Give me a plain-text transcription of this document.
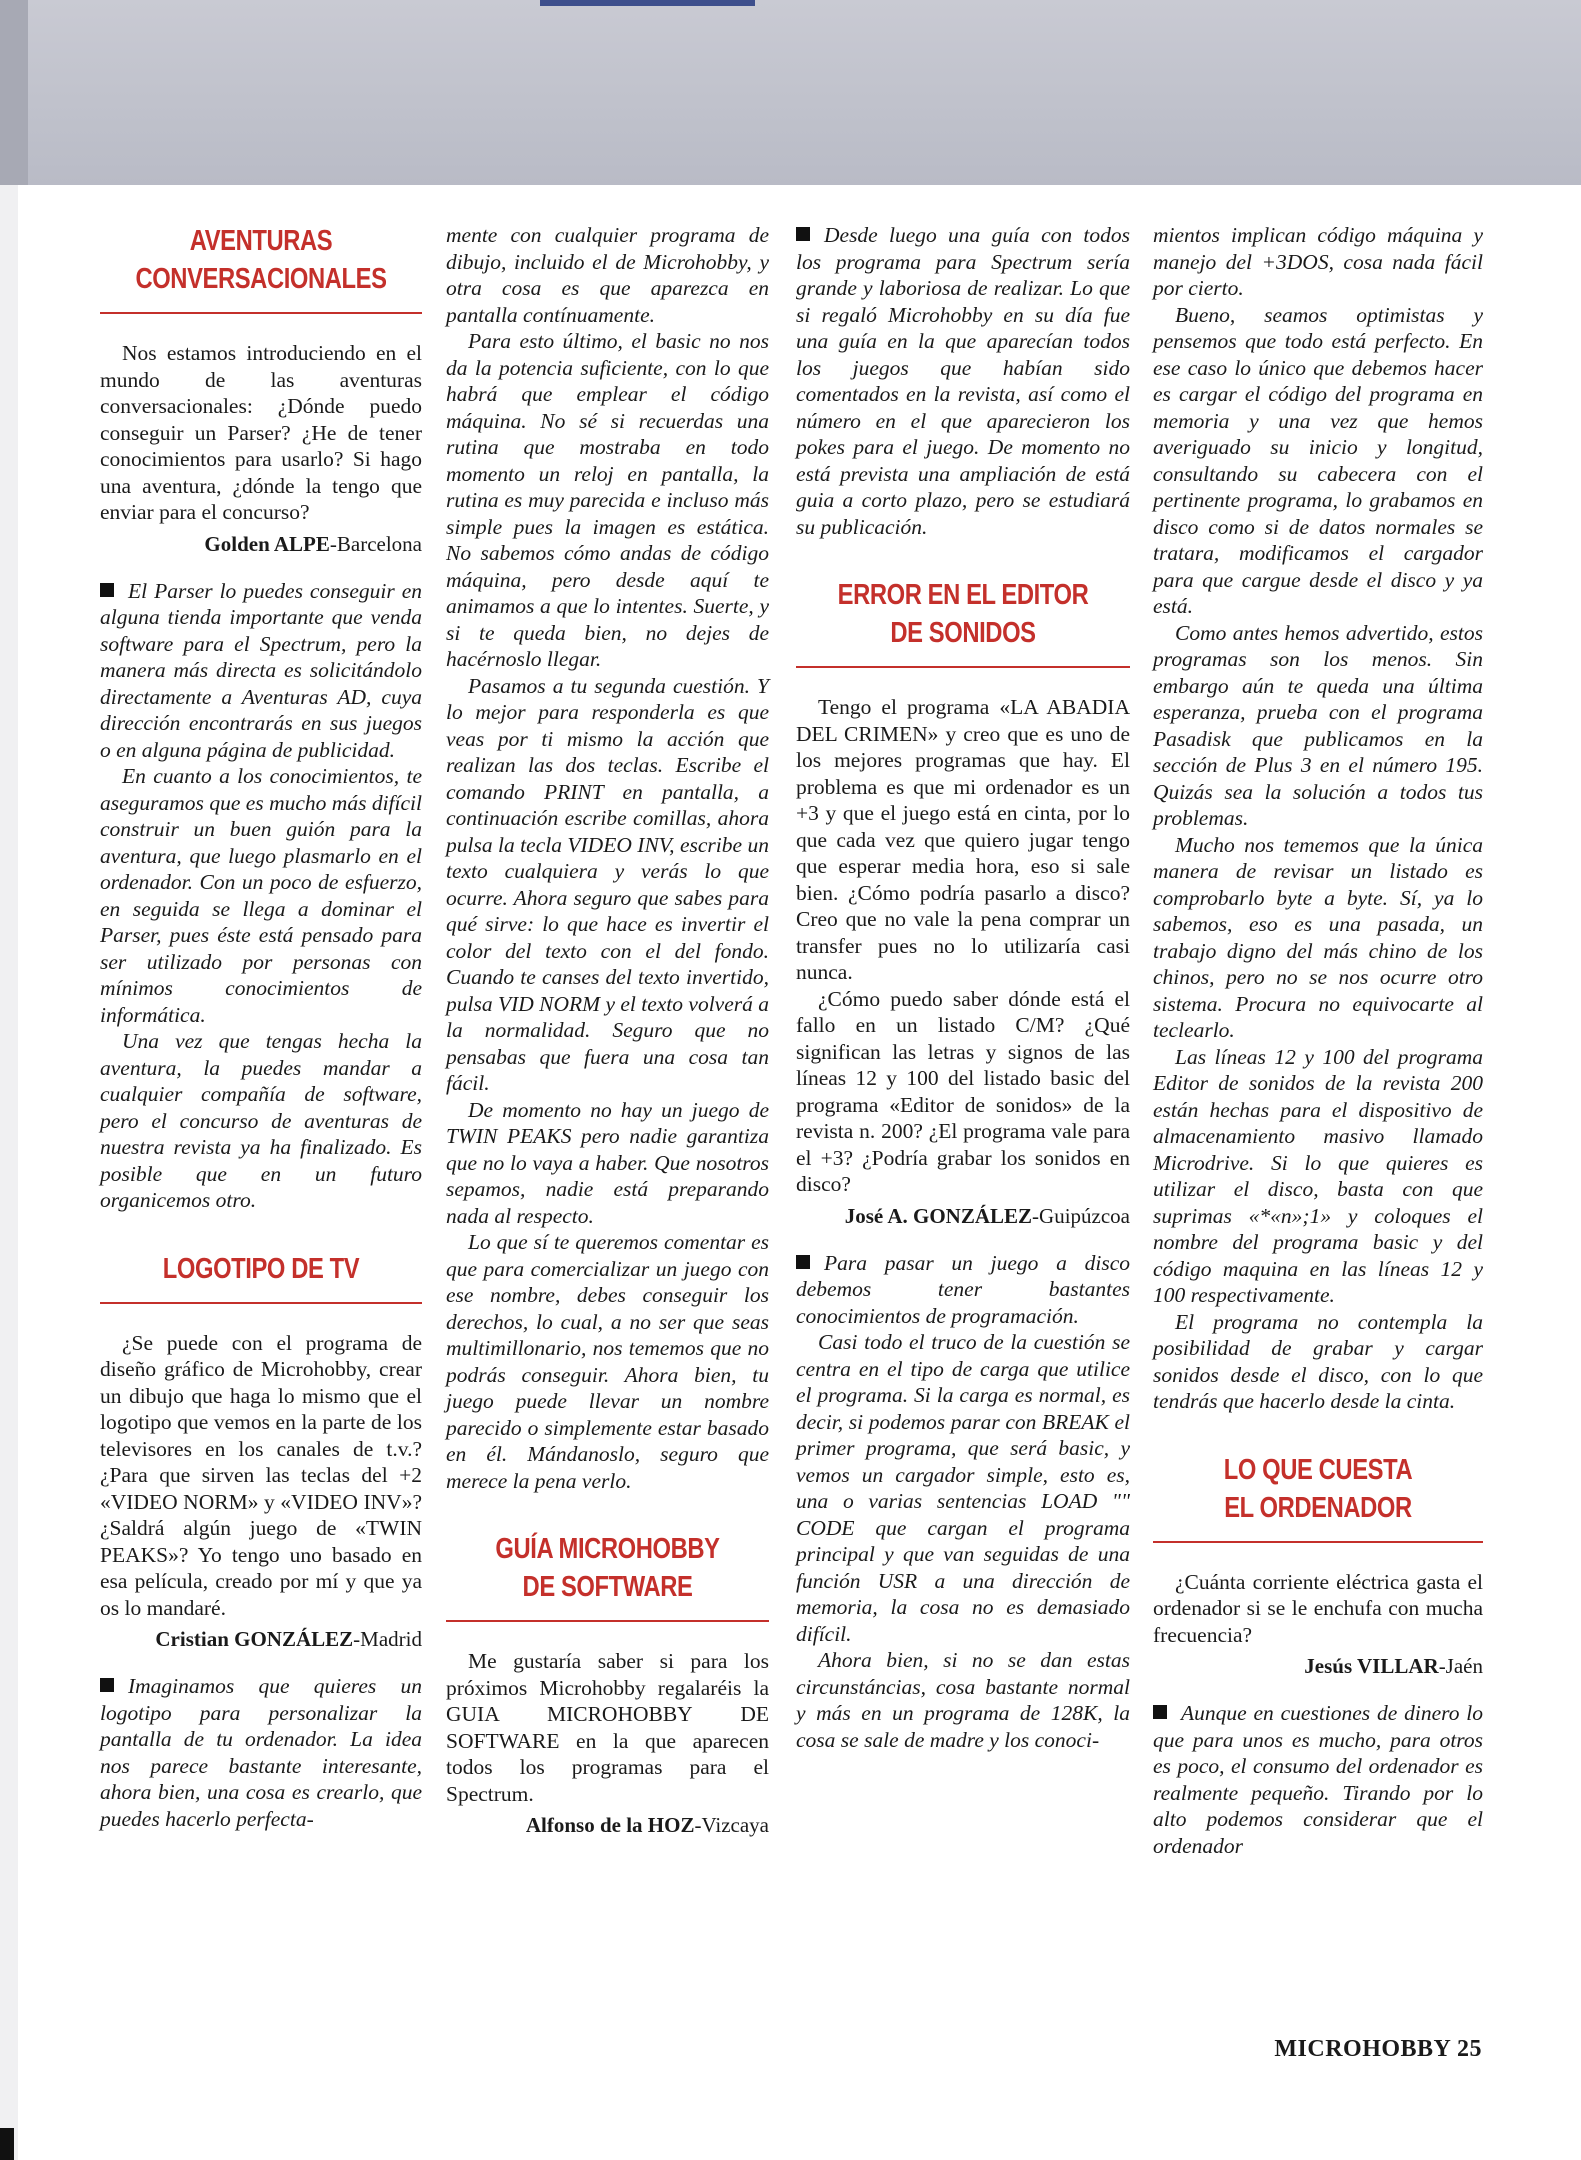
AVENTURAS
CONVERSACIONALES

Nos estamos introduciendo en el mundo de las aventuras conversacionales: ¿Dónde puedo conseguir un Parser? ¿He de tener conocimientos para usarlo? Si hago una aventura, ¿dónde la tengo que enviar para el concurso?

Golden ALPE-Barcelona

El Parser lo puedes conseguir en alguna tienda importante que venda software para el Spectrum, pero la manera más directa es solicitándolo directamente a Aventuras AD, cuya dirección encontrarás en sus juegos o en alguna página de publicidad.

En cuanto a los conocimientos, te aseguramos que es mucho más difícil construir un buen guión para la aventura, que luego plasmarlo en el ordenador. Con un poco de esfuerzo, en seguida se llega a dominar el Parser, pues éste está pensado para ser utilizado por personas con mínimos conocimientos de informática.

Una vez que tengas hecha la aventura, la puedes mandar a cualquier compañía de software, pero el concurso de aventuras de nuestra revista ya ha finalizado. Es posible que en un futuro organicemos otro.

LOGOTIPO DE TV

¿Se puede con el programa de diseño gráfico de Microhobby, crear un dibujo que haga lo mismo que el logotipo que vemos en la parte de los televisores en los canales de t.v.? ¿Para que sirven las teclas del +2 «VIDEO NORM» y «VIDEO INV»? ¿Saldrá algún juego de «TWIN PEAKS»? Yo tengo uno basado en esa película, creado por mí y que ya os lo mandaré.

Cristian GONZÁLEZ-Madrid

Imaginamos que quieres un logotipo para personalizar la pantalla de tu ordenador. La idea nos parece bastante interesante, ahora bien, una cosa es crearlo, que puedes hacerlo perfecta-

mente con cualquier programa de dibujo, incluido el de Microhobby, y otra cosa es que aparezca en pantalla contínuamente.

Para esto último, el basic no nos da la potencia suficiente, con lo que habrá que emplear el código máquina. No sé si recuerdas una rutina que mostraba en todo momento un reloj en pantalla, la rutina es muy parecida e incluso más simple pues la imagen es estática. No sabemos cómo andas de código máquina, pero desde aquí te animamos a que lo intentes. Suerte, y si te queda bien, no dejes de hacérnoslo llegar.

Pasamos a tu segunda cuestión. Y lo mejor para responderla es que veas por ti mismo la acción que realizan las dos teclas. Escribe el comando PRINT en pantalla, a continuación escribe comillas, ahora pulsa la tecla VIDEO INV, escribe un texto cualquiera y verás lo que ocurre. Ahora seguro que sabes para qué sirve: lo que hace es invertir el color del texto con el del fondo. Cuando te canses del texto invertido, pulsa VID NORM y el texto volverá a la normalidad. Seguro que no pensabas que fuera una cosa tan fácil.

De momento no hay un juego de TWIN PEAKS pero nadie garantiza que no lo vaya a haber. Que nosotros sepamos, nadie está preparando nada al respecto.

Lo que sí te queremos comentar es que para comercializar un juego con ese nombre, debes conseguir los derechos, lo cual, a no ser que seas multimillonario, nos tememos que no podrás conseguir. Ahora bien, tu juego puede llevar un nombre parecido o simplemente estar basado en él. Mándanoslo, seguro que merece la pena verlo.

GUÍA MICROHOBBY
DE SOFTWARE

Me gustaría saber si para los próximos Microhobby regalaréis la GUIA MICROHOBBY DE SOFTWARE en la que aparecen todos los programas para el Spectrum.

Alfonso de la HOZ-Vizcaya

Desde luego una guía con todos los programa para Spectrum sería grande y laboriosa de realizar. Lo que si regaló Microhobby en su día fue una guía en la que aparecían todos los juegos que habían sido comentados en la revista, así como el número en el que aparecieron los pokes para el juego. De momento no está prevista una ampliación de está guia a corto plazo, pero se estudiará su publicación.

ERROR EN EL EDITOR
DE SONIDOS

Tengo el programa «LA ABADIA DEL CRIMEN» y creo que es uno de los mejores programas que hay. El problema es que mi ordenador es un +3 y que el juego está en cinta, por lo que cada vez que quiero jugar tengo que esperar media hora, eso si sale bien. ¿Cómo podría pasarlo a disco? Creo que no vale la pena comprar un transfer pues no lo utilizaría casi nunca.

¿Cómo puedo saber dónde está el fallo en un listado C/M? ¿Qué significan las letras y signos de las líneas 12 y 100 del listado basic del programa «Editor de sonidos» de la revista n. 200? ¿El programa vale para el +3? ¿Podría grabar los sonidos en disco?

José A. GONZÁLEZ-Guipúzcoa

Para pasar un juego a disco debemos tener bastantes conocimientos de programación.

Casi todo el truco de la cuestión se centra en el tipo de carga que utilice el programa. Si la carga es normal, es decir, si podemos parar con BREAK el primer programa, que será basic, y vemos un cargador simple, esto es, una o varias sentencias LOAD "" CODE que cargan el programa principal y que van seguidas de una función USR a una dirección de memoria, la cosa no es demasiado difícil.

Ahora bien, si no se dan estas circunstáncias, cosa bastante normal y más en un programa de 128K, la cosa se sale de madre y los conoci-

mientos implican código máquina y manejo del +3DOS, cosa nada fácil por cierto.

Bueno, seamos optimistas y pensemos que todo está perfecto. En ese caso lo único que debemos hacer es cargar el código del programa en memoria y una vez que hemos averiguado su inicio y longitud, consultando su cabecera con el pertinente programa, lo grabamos en disco como si de datos normales se tratara, modificamos el cargador para que cargue desde el disco y ya está.

Como antes hemos advertido, estos programas son los menos. Sin embargo aún te queda una última esperanza, prueba con el programa Pasadisk que publicamos en la sección de Plus 3 en el número 195. Quizás sea la solución a todos tus problemas.

Mucho nos tememos que la única manera de revisar un listado es comprobarlo byte a byte. Sí, ya lo sabemos, eso es una pasada, un trabajo digno del más chino de los chinos, pero no se nos ocurre otro sistema. Procura no equivocarte al teclearlo.

Las líneas 12 y 100 del programa Editor de sonidos de la revista 200 están hechas para el dispositivo de almacenamiento masivo llamado Microdrive. Si lo que quieres es utilizar el disco, basta con que suprimas «*«n»;1» y coloques el nombre del programa basic y del código maquina en las líneas 12 y 100 respectivamente.

El programa no contempla la posibilidad de grabar y cargar sonidos desde el disco, con lo que tendrás que hacerlo desde la cinta.

LO QUE CUESTA
EL ORDENADOR

¿Cuánta corriente eléctrica gasta el ordenador si se le enchufa con mucha frecuencia?

Jesús VILLAR-Jaén

Aunque en cuestiones de dinero lo que para unos es mucho, para otros es poco, el consumo del ordenador es realmente pequeño. Tirando por lo alto podemos considerar que el ordenador

MICROHOBBY 25
